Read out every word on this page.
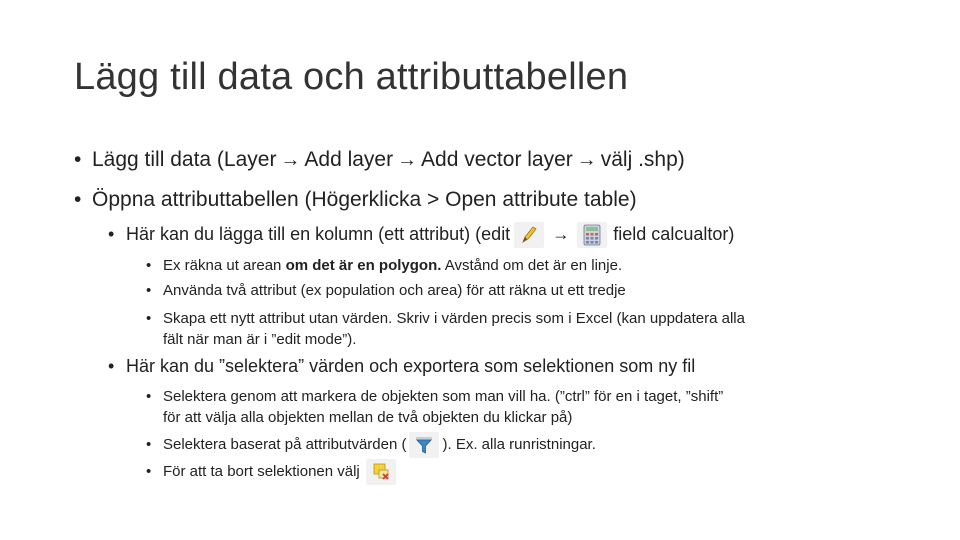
Lägg till data och attributtabellen
• Lägg till data (Layer → Add layer → Add vector layer → välj .shp)
• Öppna attributtabellen (Högerklicka > Open attribute table)
• Här kan du lägga till en kolumn (ett attribut) (edit → field calcualtor)
• Ex räkna ut arean om det är en polygon. Avstånd om det är en linje.
• Använda två attribut (ex population och area) för att räkna ut ett tredje
• Skapa ett nytt attribut utan värden. Skriv i värden precis som i Excel (kan uppdatera alla
fält när man är i ”edit mode”).
• Här kan du ”selektera” värden och exportera som selektionen som ny fil
• Selektera genom att markera de objekten som man vill ha. (”ctrl” för en i taget, ”shift”
för att välja alla objekten mellan de två objekten du klickar på)
• Selektera baserat på attributvärden ( ). Ex. alla runristningar.
• För att ta bort selektionen välj
